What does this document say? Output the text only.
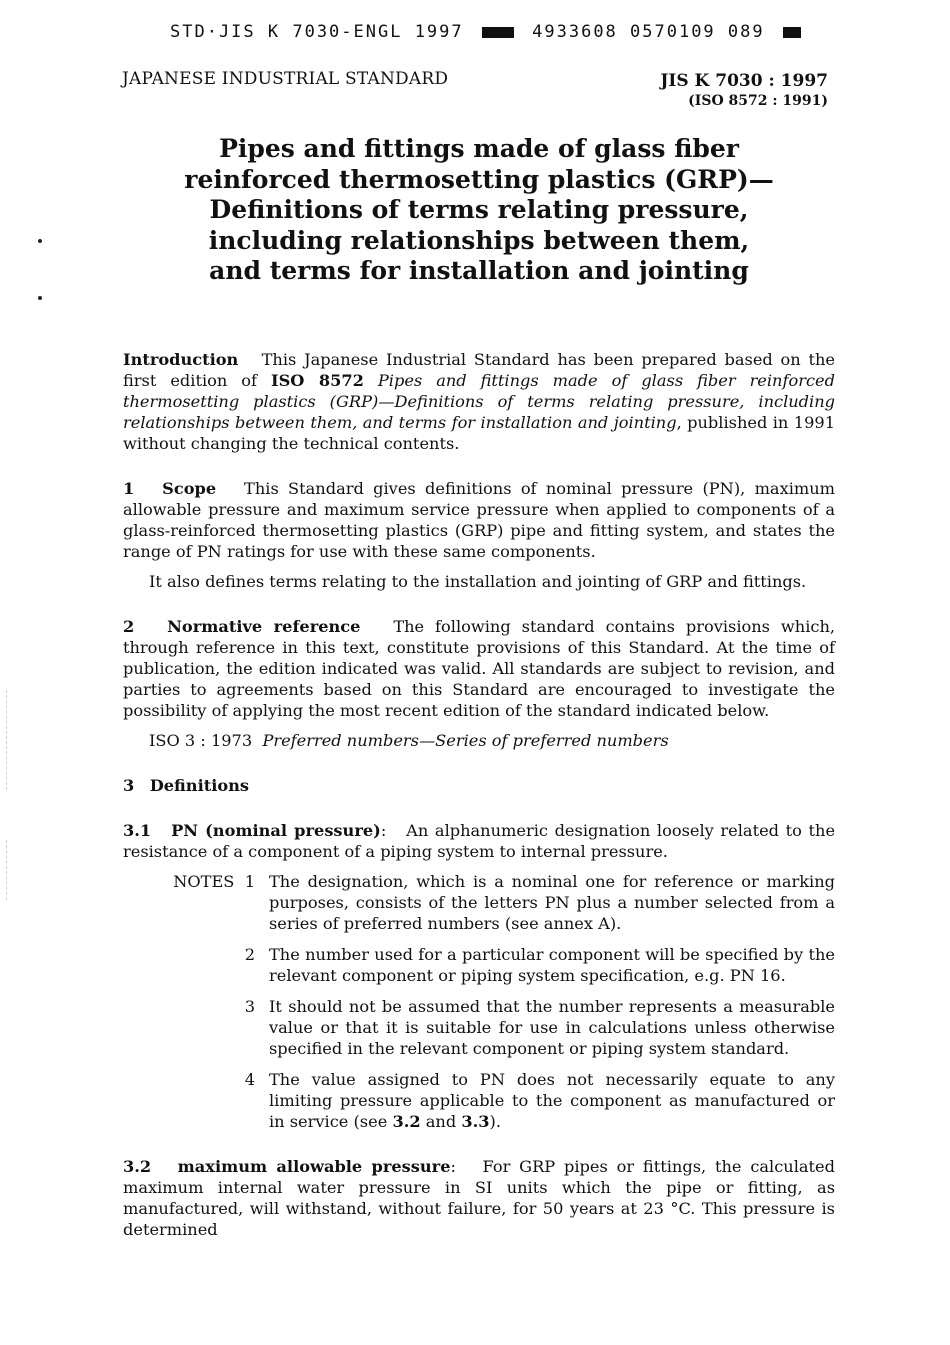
STD·JIS K 7030-ENGL 1997	4933608 0570109 089
JAPANESE INDUSTRIAL STANDARD	JIS K 7030 : 1997
(ISO 8572 : 1991)
Pipes and fittings made of glass fiber
reinforced thermosetting plastics (GRP)—
Definitions of terms relating pressure,
including relationships between them,
and terms for installation and jointing

Introduction This Japanese Industrial Standard has been prepared based on the first edition of ISO 8572 Pipes and fittings made of glass fiber reinforced thermosetting plastics (GRP)—Definitions of terms relating pressure, including relationships between them, and terms for installation and jointing, published in 1991 without changing the technical contents.

1 Scope This Standard gives definitions of nominal pressure (PN), maximum allowable pressure and maximum service pressure when applied to components of a glass-reinforced thermosetting plastics (GRP) pipe and fitting system, and states the range of PN ratings for use with these same components.

It also defines terms relating to the installation and jointing of GRP and fittings.

2 Normative reference The following standard contains provisions which, through reference in this text, constitute provisions of this Standard. At the time of publication, the edition indicated was valid. All standards are subject to revision, and parties to agreements based on this Standard are encouraged to investigate the possibility of applying the most recent edition of the standard indicated below.

ISO 3 : 1973 Preferred numbers—Series of preferred numbers

3 Definitions

3.1 PN (nominal pressure): An alphanumeric designation loosely related to the resistance of a component of a piping system to internal pressure.

NOTES 1 The designation, which is a nominal one for reference or marking purposes, consists of the letters PN plus a number selected from a series of preferred numbers (see annex A).
2 The number used for a particular component will be specified by the relevant component or piping system specification, e.g. PN 16.
3 It should not be assumed that the number represents a measurable value or that it is suitable for use in calculations unless otherwise specified in the relevant component or piping system standard.
4 The value assigned to PN does not necessarily equate to any limiting pressure applicable to the component as manufactured or in service (see 3.2 and 3.3).

3.2 maximum allowable pressure: For GRP pipes or fittings, the calculated maximum internal water pressure in SI units which the pipe or fitting, as manufactured, will withstand, without failure, for 50 years at 23 °C. This pressure is determined
